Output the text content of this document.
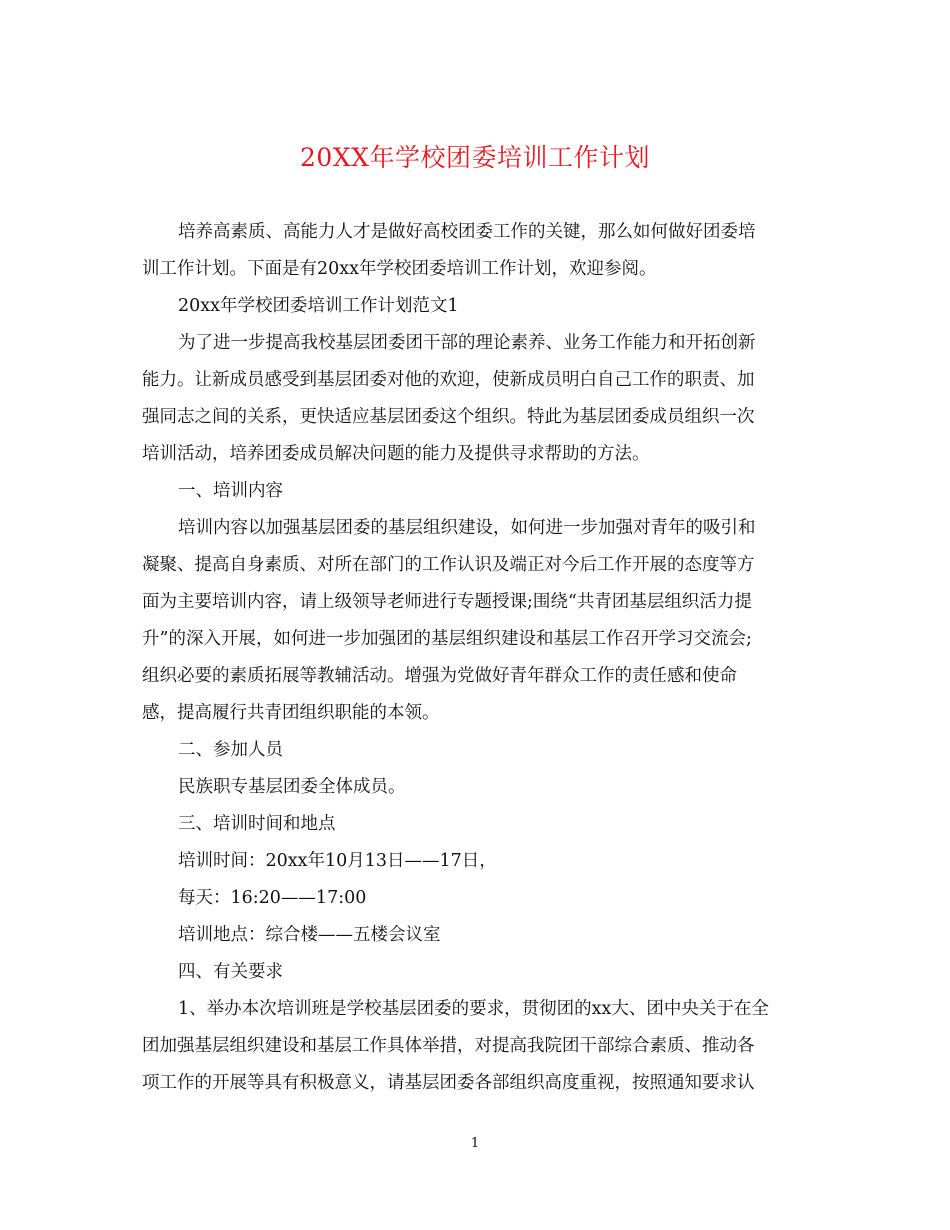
20XX年学校团委培训工作计划
培养高素质、高能力人才是做好高校团委工作的关键，那么如何做好团委培
训工作计划。下面是有20xx年学校团委培训工作计划，欢迎参阅。
20xx年学校团委培训工作计划范文1
为了进一步提高我校基层团委团干部的理论素养、业务工作能力和开拓创新
能力。让新成员感受到基层团委对他的欢迎，使新成员明白自己工作的职责、加
强同志之间的关系，更快适应基层团委这个组织。特此为基层团委成员组织一次
培训活动，培养团委成员解决问题的能力及提供寻求帮助的方法。
一、培训内容
培训内容以加强基层团委的基层组织建设，如何进一步加强对青年的吸引和
凝聚、提高自身素质、对所在部门的工作认识及端正对今后工作开展的态度等方
面为主要培训内容，请上级领导老师进行专题授课;围绕“共青团基层组织活力提
升”的深入开展，如何进一步加强团的基层组织建设和基层工作召开学习交流会;
组织必要的素质拓展等教辅活动。增强为党做好青年群众工作的责任感和使命
感，提高履行共青团组织职能的本领。
二、参加人员
民族职专基层团委全体成员。
三、培训时间和地点
培训时间：20xx年10月13日——17日，
每天：16:20——17:00
培训地点：综合楼——五楼会议室
四、有关要求
1、举办本次培训班是学校基层团委的要求，贯彻团的xx大、团中央关于在全
团加强基层组织建设和基层工作具体举措，对提高我院团干部综合素质、推动各
项工作的开展等具有积极意义，请基层团委各部组织高度重视，按照通知要求认
1
